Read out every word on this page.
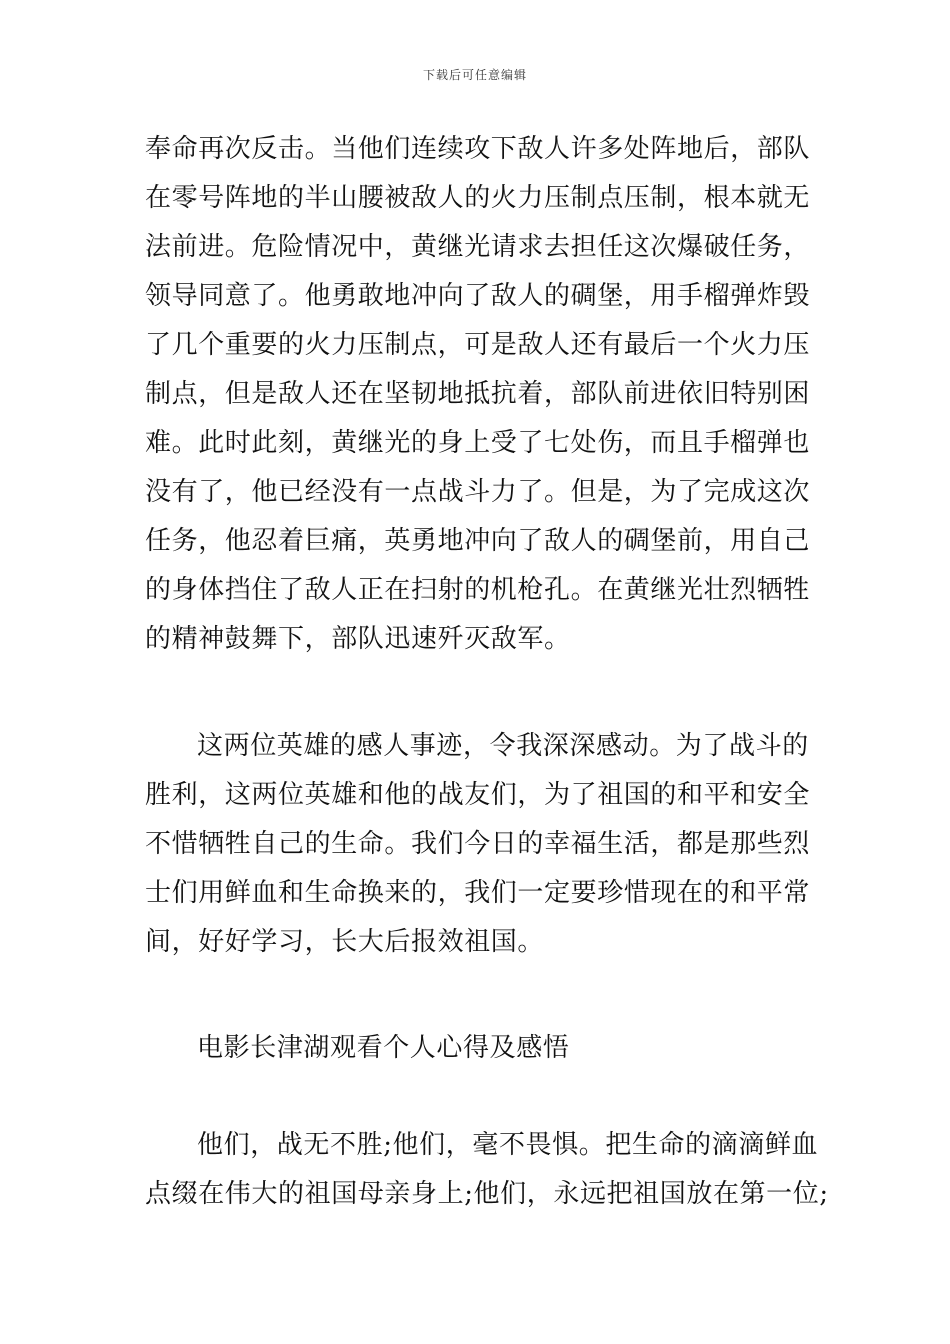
下载后可任意编辑
奉命再次反击。当他们连续攻下敌人许多处阵地后，部队
在零号阵地的半山腰被敌人的火力压制点压制，根本就无
法前进。危险情况中，黄继光请求去担任这次爆破任务，
领导同意了。他勇敢地冲向了敌人的碉堡，用手榴弹炸毁
了几个重要的火力压制点，可是敌人还有最后一个火力压
制点，但是敌人还在坚韧地抵抗着，部队前进依旧特别困
难。此时此刻，黄继光的身上受了七处伤，而且手榴弹也
没有了，他已经没有一点战斗力了。但是，为了完成这次
任务，他忍着巨痛，英勇地冲向了敌人的碉堡前，用自己
的身体挡住了敌人正在扫射的机枪孔。在黄继光壮烈牺牲
的精神鼓舞下，部队迅速歼灭敌军。
这两位英雄的感人事迹，令我深深感动。为了战斗的
胜利，这两位英雄和他的战友们，为了祖国的和平和安全
不惜牺牲自己的生命。我们今日的幸福生活，都是那些烈
士们用鲜血和生命换来的，我们一定要珍惜现在的和平常
间，好好学习，长大后报效祖国。
电影长津湖观看个人心得及感悟
他们，战无不胜;他们，毫不畏惧。把生命的滴滴鲜血
点缀在伟大的祖国母亲身上;他们，永远把祖国放在第一位;
